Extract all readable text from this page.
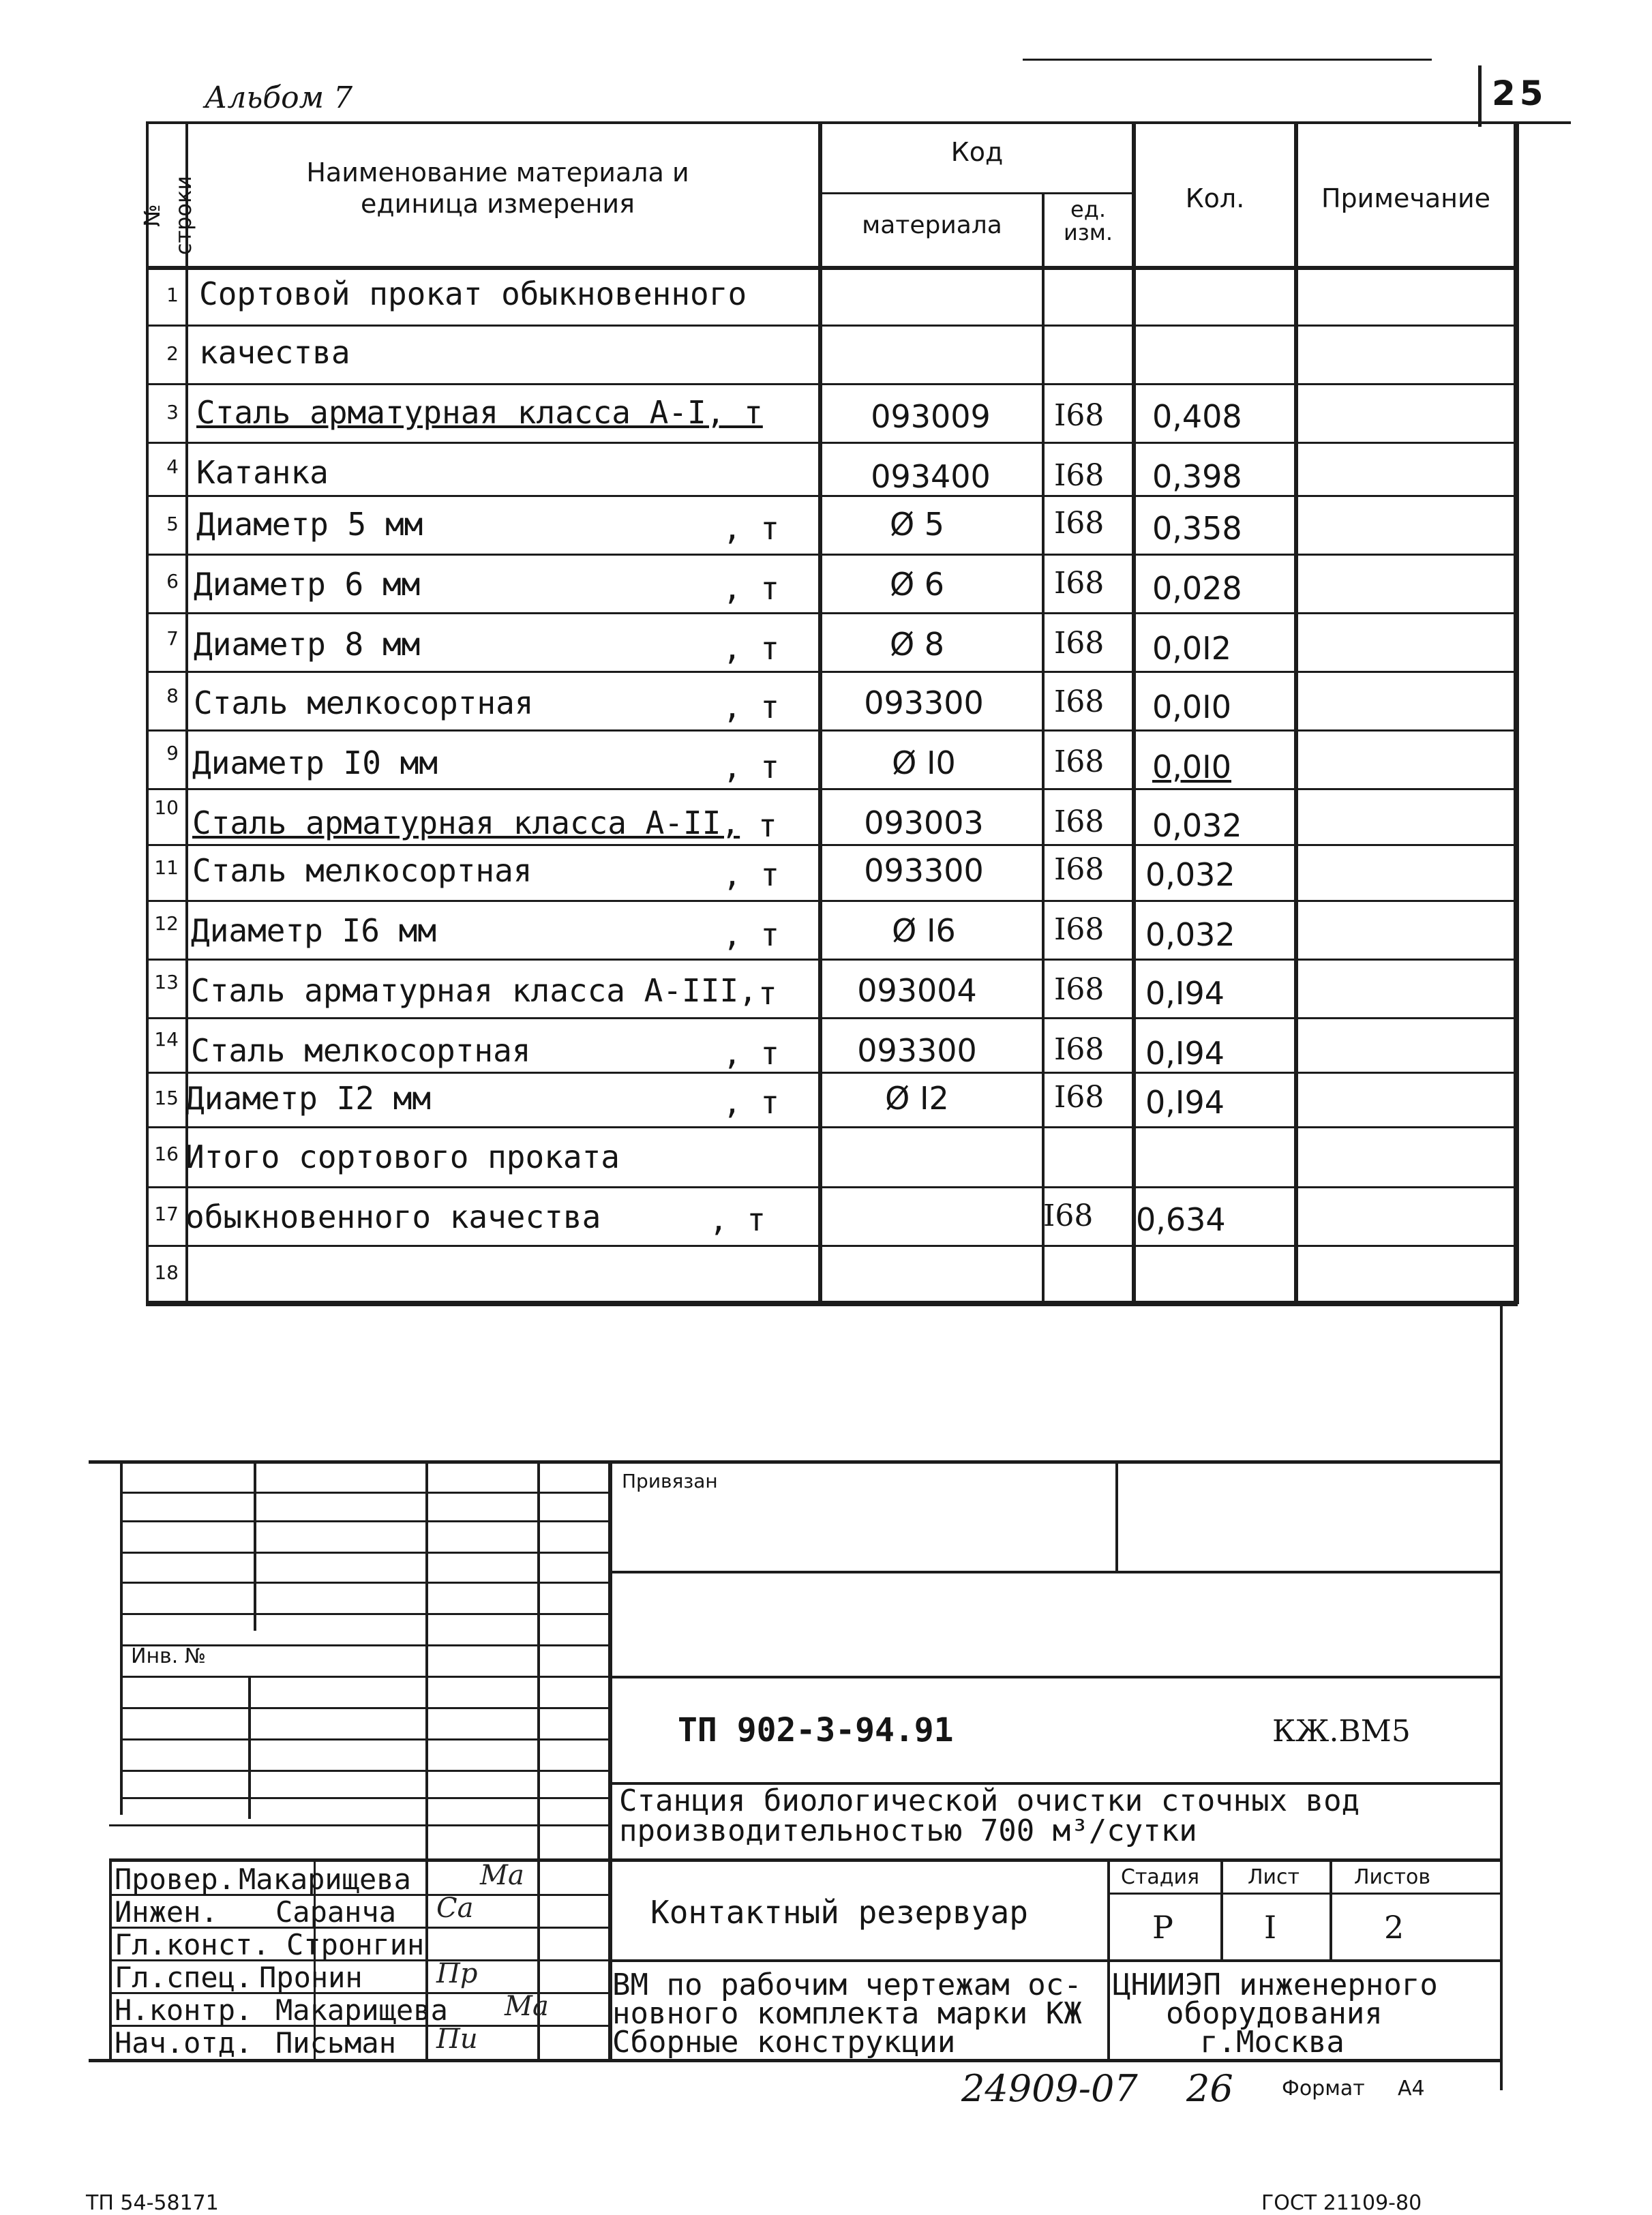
Альбом 7	25
№ строки
Наименование материала и единица измерения
Код
материала
ед. изм.
Кол.	Примечание
1 Сортовой прокат обыкновенного
2 качества
3 Сталь арматурная класса А-I, т	093009	I68 0,408
4 Катанка	093400	I68 0,398
5 Диаметр 5 мм	, т	Ø 5	I68 0,358
6 Диаметр 6 мм	, т	Ø 6	I68 0,028
7 Диаметр 8 мм	, т	Ø 8	I68 0,0I2
8 Сталь мелкосортная	, т	093300	I68 0,0I0
9 Диаметр I0 мм	, т	Ø I0	I68 0,0I0
10 Сталь арматурная класса А-II, т	093003	I68 0,032
11 Сталь мелкосортная	, т	093300	I68 0,032
12 Диаметр I6 мм	, т	Ø I6	I68 0,032
13 Сталь арматурная класса А-III, т	093004	I68 0,I94
14 Сталь мелкосортная	, т	093300	I68 0,I94
15 Диаметр I2 мм	, т	Ø I2	I68 0,I94
16 Итого сортового проката
17 обыкновенного качества	, т	I68 0,634
18
Привязан
Инв. №
ТП 902-3-94.91	КЖ.ВМ5
Станция биологической очистки сточных вод
производительностью 700 м³/сутки
Стадия Лист	Листов
Р	I	2
Контактный резервуар
ВМ по рабочим чертежам ос-
новного комплекта марки КЖ
Сборные конструкции
ЦНИИЭП инженерного
оборудования
г.Москва
Провер. Макарищева	Ма
Инжен. Саранча Са
Гл.конст. Стронгин
Гл.спец. Пронин	Пр
Н.контр. Макарищева Ма
Нач.отд. Письман Пи
24909-07 26 Формат А4
ТП 54-58171	ГОСТ 21109-80
